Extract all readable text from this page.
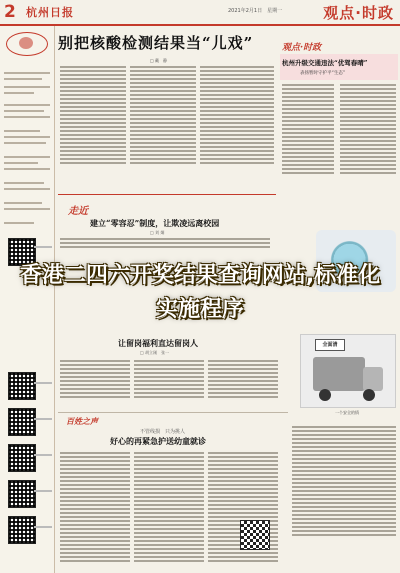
2 杭州日报	2021年2月1日　星期一	观点·时政
别把核酸检测结果当“儿戏”
□ 戴　静
走近
建立“零容忍”制度，让欺凌远离校园
□ 刘 炯
让留岗福利直达留岗人
□ 胡立刚　张一
百姓之声
不管线损　只为挑人
好心的再紧急护送幼童就诊
观点·时政
杭州升级交通违法“优驾春晴”
表扬暂时守护平“生态”
全面清
一个安全的情
香港二四六开奖结果查询网站,标准化实施程序
